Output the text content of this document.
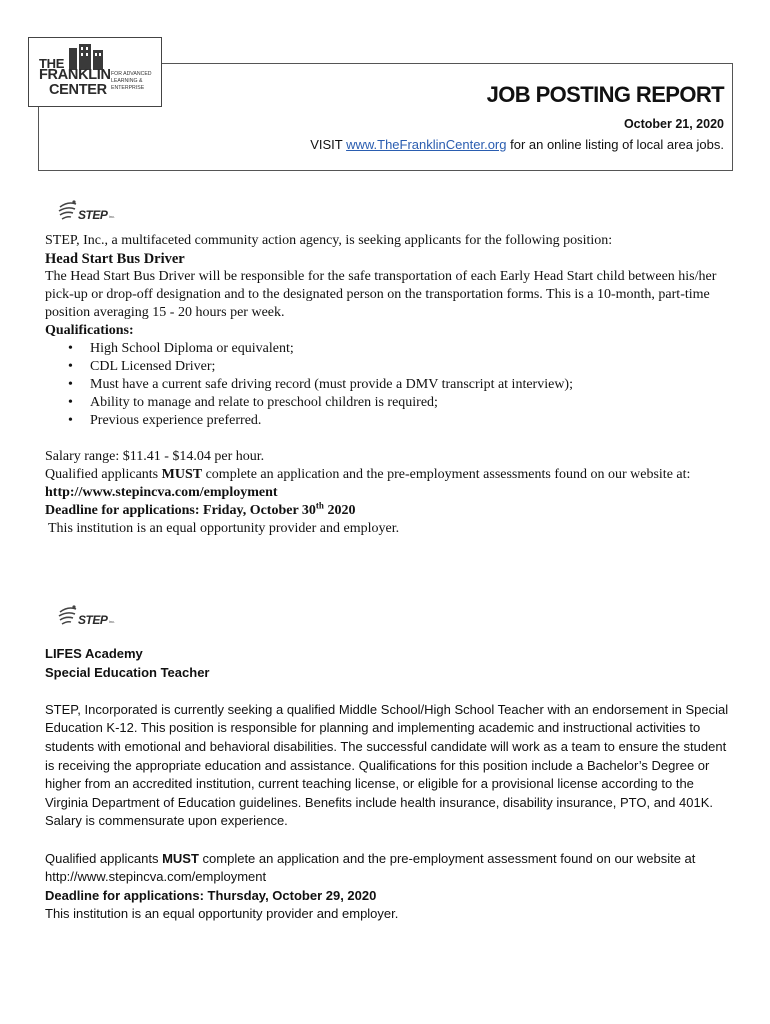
THE
FRANKLIN
CENTER
FOR ADVANCED
LEARNING &
ENTERPRISE	JOB POSTING REPORT
October 21, 2020
VISIT www.TheFranklinCenter.org for an online listing of local area jobs.
STEP inc.

STEP, Inc., a multifaceted community action agency, is seeking applicants for the following position:

Head Start Bus Driver

The Head Start Bus Driver will be responsible for the safe transportation of each Early Head Start child between his/her pick-up or drop-off designation and to the designated person on the transportation forms. This is a 10-month, part-time position averaging 15 - 20 hours per week.

Qualifications:

• High School Diploma or equivalent;
• CDL Licensed Driver;
• Must have a current safe driving record (must provide a DMV transcript at interview);
• Ability to manage and relate to preschool children is required;
• Previous experience preferred.

Salary range: $11.41 - $14.04 per hour.

Qualified applicants MUST complete an application and the pre-employment assessments found on our website at:

http://www.stepincva.com/employment

Deadline for applications: Friday, October 30th 2020

This institution is an equal opportunity provider and employer.

STEP inc.

LIFES Academy

Special Education Teacher

STEP, Incorporated is currently seeking a qualified Middle School/High School Teacher with an endorsement in Special Education K-12. This position is responsible for planning and implementing academic and instructional activities to students with emotional and behavioral disabilities. The successful candidate will work as a team to ensure the student is receiving the appropriate education and assistance. Qualifications for this position include a Bachelor’s Degree or higher from an accredited institution, current teaching license, or eligible for a provisional license according to the Virginia Department of Education guidelines. Benefits include health insurance, disability insurance, PTO, and 401K. Salary is commensurate upon experience.

Qualified applicants MUST complete an application and the pre-employment assessment found on our website at http://www.stepincva.com/employment

Deadline for applications: Thursday, October 29, 2020

This institution is an equal opportunity provider and employer.
